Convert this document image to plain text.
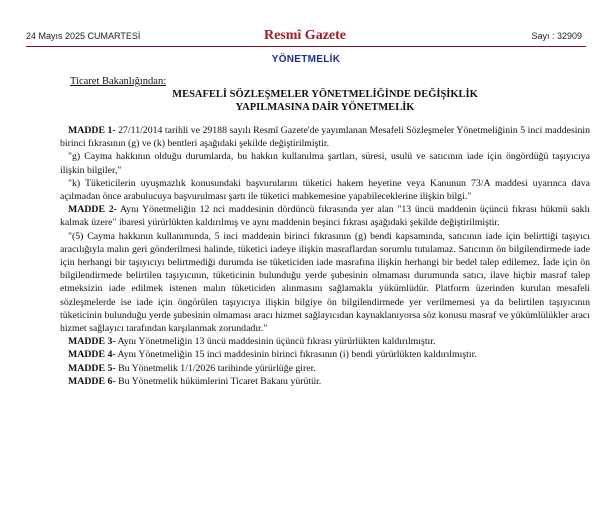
24 Mayıs 2025 CUMARTESİ	Resmî Gazete	Sayı : 32909
YÖNETMELİK

Ticaret Bakanlığından:

MESAFELİ SÖZLEŞMELER YÖNETMELİĞİNDE DEĞİŞİKLİK

YAPILMASINA DAİR YÖNETMELİK

MADDE 1- 27/11/2014 tarihli ve 29188 sayılı Resmî Gazete'de yayımlanan Mesafeli Sözleşmeler Yönetmeliğinin 5 inci maddesinin birinci fıkrasının (g) ve (k) bentleri aşağıdaki şekilde değiştirilmiştir.

"g) Cayma hakkının olduğu durumlarda, bu hakkın kullanılma şartları, süresi, usulü ve satıcının iade için öngördüğü taşıyıcıya ilişkin bilgiler,"

"k) Tüketicilerin uyuşmazlık konusundaki başvurularını tüketici hakem heyetine veya Kanunun 73/A maddesi uyarınca dava açılmadan önce arabulucuya başvurulması şartı ile tüketici mahkemesine yapabileceklerine ilişkin bilgi."

MADDE 2- Aynı Yönetmeliğin 12 nci maddesinin dördüncü fıkrasında yer alan "13 üncü maddenin üçüncü fıkrası hükmü saklı kalmak üzere" ibaresi yürürlükten kaldırılmış ve aynı maddenin beşinci fıkrası aşağıdaki şekilde değiştirilmiştir.

"(5) Cayma hakkının kullanımında, 5 inci maddenin birinci fıkrasının (g) bendi kapsamında, satıcının iade için belirttiği taşıyıcı aracılığıyla malın geri gönderilmesi halinde, tüketici iadeye ilişkin masraflardan sorumlu tutulamaz. Satıcının ön bilgilendirmede iade için herhangi bir taşıyıcıyı belirtmediği durumda ise tüketiciden iade masrafına ilişkin herhangi bir bedel talep edilemez. İade için ön bilgilendirmede belirtilen taşıyıcının, tüketicinin bulunduğu yerde şubesinin olmaması durumunda satıcı, ilave hiçbir masraf talep etmeksizin iade edilmek istenen malın tüketiciden alınmasını sağlamakla yükümlüdür. Platform üzerinden kurulan mesafeli sözleşmelerde ise iade için öngörülen taşıyıcıya ilişkin bilgiye ön bilgilendirmede yer verilmemesi ya da belirtilen taşıyıcının tüketicinin bulunduğu yerde şubesinin olmaması aracı hizmet sağlayıcıdan kaynaklanıyorsa söz konusu masraf ve yükümlülükler aracı hizmet sağlayıcı tarafından karşılanmak zorundadır."

MADDE 3- Aynı Yönetmeliğin 13 üncü maddesinin üçüncü fıkrası yürürlükten kaldırılmıştır.

MADDE 4- Aynı Yönetmeliğin 15 inci maddesinin birinci fıkrasının (i) bendi yürürlükten kaldırılmıştır.

MADDE 5- Bu Yönetmelik 1/1/2026 tarihinde yürürlüğe girer.

MADDE 6- Bu Yönetmelik hükümlerini Ticaret Bakanı yürütür.
